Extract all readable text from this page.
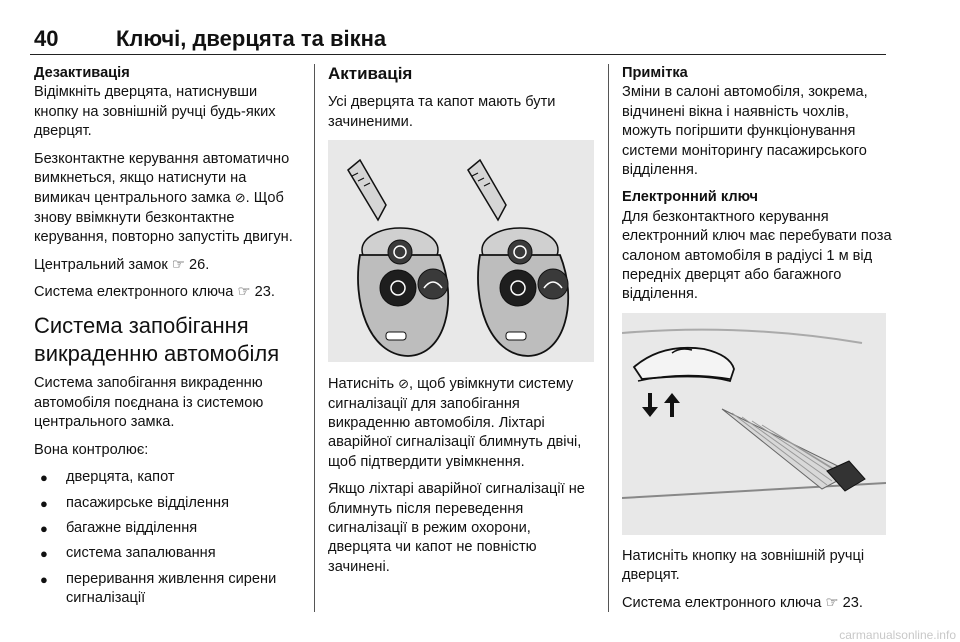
40	Ключі, дверцята та вікна
Дезактивація

Відімкніть дверцята, натиснувши кнопку на зовнішній ручці будь-яких дверцят.

Безконтактне керування автоматично вимкнеться, якщо натиснути на вимикач центрального замка ⊘. Щоб знову ввімкнути безконтактне керування, повторно запустіть двигун.

Центральний замок ☞ 26.

Система електронного ключа ☞ 23.

Система запобігання викраденню автомобіля

Система запобігання викраденню автомобіля поєднана із системою центрального замка.

Вона контролює:

● дверцята, капот
● пасажирське відділення
● багажне відділення
● система запалювання
● переривання живлення сирени сигналізації
Активація

Усі дверцята та капот мають бути зачиненими.

Натисніть ⊘, щоб увімкнути систему сигналізації для запобігання викраденню автомобіля. Ліхтарі аварійної сигналізації блимнуть двічі, щоб підтвердити увімкнення.

Якщо ліхтарі аварійної сигналізації не блимнуть після переведення сигналізації в режим охорони, дверцята чи капот не повністю зачинені.

Примітка

Зміни в салоні автомобіля, зокрема, відчинені вікна і наявність чохлів, можуть погіршити функціонування системи моніторингу пасажирського відділення.

Електронний ключ

Для безконтактного керування електронний ключ має перебувати поза салоном автомобіля в радіусі 1 м від передніх дверцят або багажного відділення.

Натисніть кнопку на зовнішній ручці дверцят.

Система електронного ключа ☞ 23.

carmanualsonline.info
